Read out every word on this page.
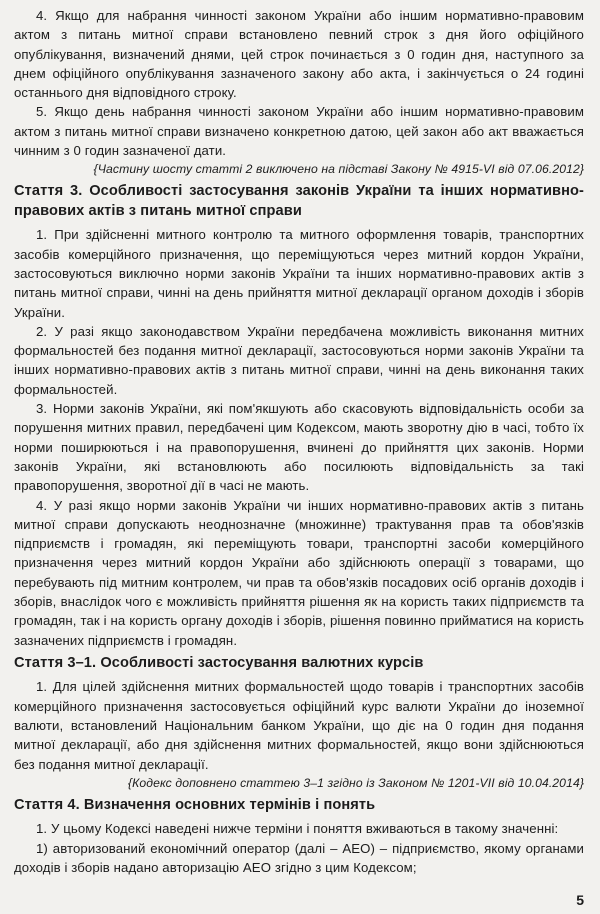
4. Якщо для набрання чинності законом України або іншим нормативно-правовим актом з питань митної справи встановлено певний строк з дня його офіційного опублікування, визначений днями, цей строк починається з 0 годин дня, наступного за днем офіційного опублікування зазначеного закону або акта, і закінчується о 24 годині останнього дня відповідного строку.

5. Якщо день набрання чинності законом України або іншим нормативно-правовим актом з питань митної справи визначено конкретною датою, цей закон або акт вважається чинним з 0 годин зазначеної дати.

{Частину шосту статті 2 виключено на підставі Закону № 4915-VI від 07.06.2012}

Стаття 3. Особливості застосування законів України та інших нормативно-правових актів з питань митної справи

1. При здійсненні митного контролю та митного оформлення товарів, транспортних засобів комерційного призначення, що переміщуються через митний кордон України, застосовуються виключно норми законів України та інших нормативно-правових актів з питань митної справи, чинні на день прийняття митної декларації органом доходів і зборів України.

2. У разі якщо законодавством України передбачена можливість виконання митних формальностей без подання митної декларації, застосовуються норми законів України та інших нормативно-правових актів з питань митної справи, чинні на день виконання таких формальностей.

3. Норми законів України, які пом'якшують або скасовують відповідальність особи за порушення митних правил, передбачені цим Кодексом, мають зворотну дію в часі, тобто їх норми поширюються і на правопорушення, вчинені до прийняття цих законів. Норми законів України, які встановлюють або посилюють відповідальність за такі правопорушення, зворотної дії в часі не мають.

4. У разі якщо норми законів України чи інших нормативно-правових актів з питань митної справи допускають неоднозначне (множинне) трактування прав та обов'язків підприємств і громадян, які переміщують товари, транспортні засоби комерційного призначення через митний кордон України або здійснюють операції з товарами, що перебувають під митним контролем, чи прав та обов'язків посадових осіб органів доходів і зборів, внаслідок чого є можливість прийняття рішення як на користь таких підприємств та громадян, так і на користь органу доходів і зборів, рішення повинно прийматися на користь зазначених підприємств і громадян.

Стаття 3–1. Особливості застосування валютних курсів

1. Для цілей здійснення митних формальностей щодо товарів і транспортних засобів комерційного призначення застосовується офіційний курс валюти України до іноземної валюти, встановлений Національним банком України, що діє на 0 годин дня подання митної декларації, або дня здійснення митних формальностей, якщо вони здійснюються без подання митної декларації.

{Кодекс доповнено статтею 3–1 згідно із Законом № 1201-VII від 10.04.2014}

Стаття 4. Визначення основних термінів і понять

1. У цьому Кодексі наведені нижче терміни і поняття вживаються в такому значенні:

1) авторизований економічний оператор (далі – АЕО) – підприємство, якому органами доходів і зборів надано авторизацію АЕО згідно з цим Кодексом;

5
